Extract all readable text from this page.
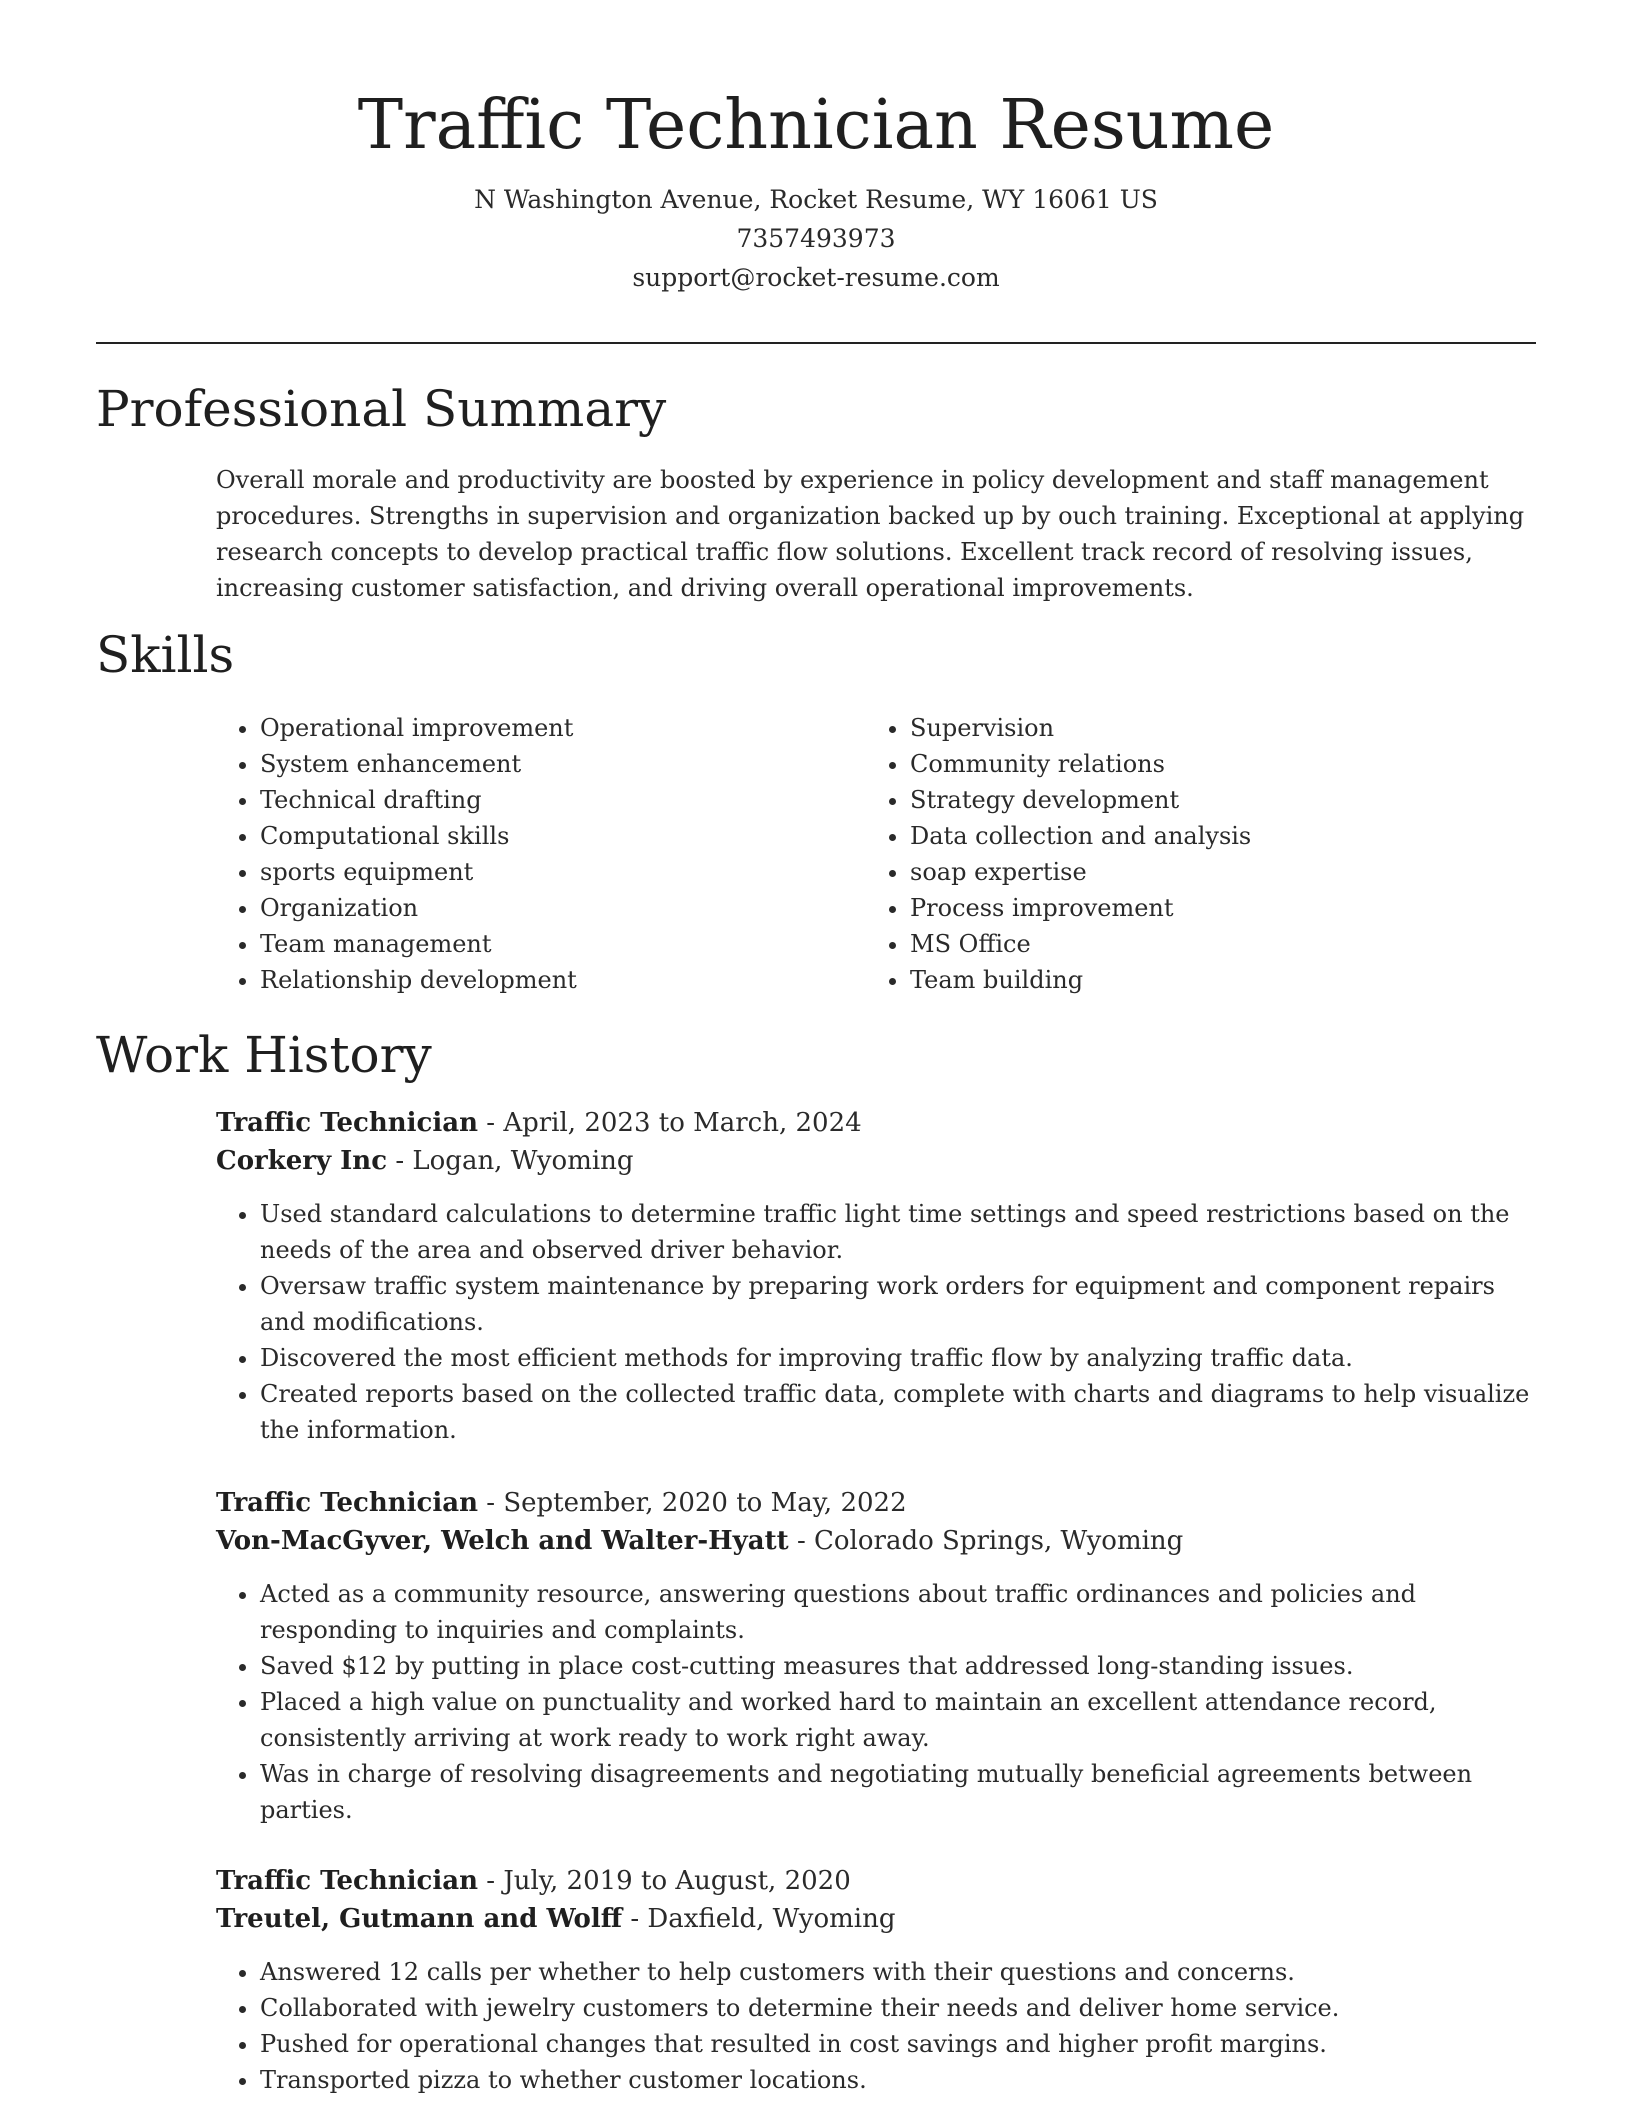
Traffic Technician Resume
N Washington Avenue, Rocket Resume, WY 16061 US
7357493973
support@rocket-resume.com
Professional Summary

Overall morale and productivity are boosted by experience in policy development and staff management procedures. Strengths in supervision and organization backed up by ouch training. Exceptional at applying research concepts to develop practical traffic flow solutions. Excellent track record of resolving issues, increasing customer satisfaction, and driving overall operational improvements.

Skills
• Operational improvement
• System enhancement
• Technical drafting
• Computational skills
• sports equipment
• Organization
• Team management
• Relationship development
• Supervision
• Community relations
• Strategy development
• Data collection and analysis
• soap expertise
• Process improvement
• MS Office
• Team building
Work History
Traffic Technician - April, 2023 to March, 2024
Corkery Inc - Logan, Wyoming
• Used standard calculations to determine traffic light time settings and speed restrictions based on the needs of the area and observed driver behavior.
• Oversaw traffic system maintenance by preparing work orders for equipment and component repairs and modifications.
• Discovered the most efficient methods for improving traffic flow by analyzing traffic data.
• Created reports based on the collected traffic data, complete with charts and diagrams to help visualize the information.
Traffic Technician - September, 2020 to May, 2022
Von-MacGyver, Welch and Walter-Hyatt - Colorado Springs, Wyoming
• Acted as a community resource, answering questions about traffic ordinances and policies and responding to inquiries and complaints.
• Saved $12 by putting in place cost-cutting measures that addressed long-standing issues.
• Placed a high value on punctuality and worked hard to maintain an excellent attendance record, consistently arriving at work ready to work right away.
• Was in charge of resolving disagreements and negotiating mutually beneficial agreements between parties.
Traffic Technician - July, 2019 to August, 2020
Treutel, Gutmann and Wolff - Daxfield, Wyoming
• Answered 12 calls per whether to help customers with their questions and concerns.
• Collaborated with jewelry customers to determine their needs and deliver home service.
• Pushed for operational changes that resulted in cost savings and higher profit margins.
• Transported pizza to whether customer locations.
